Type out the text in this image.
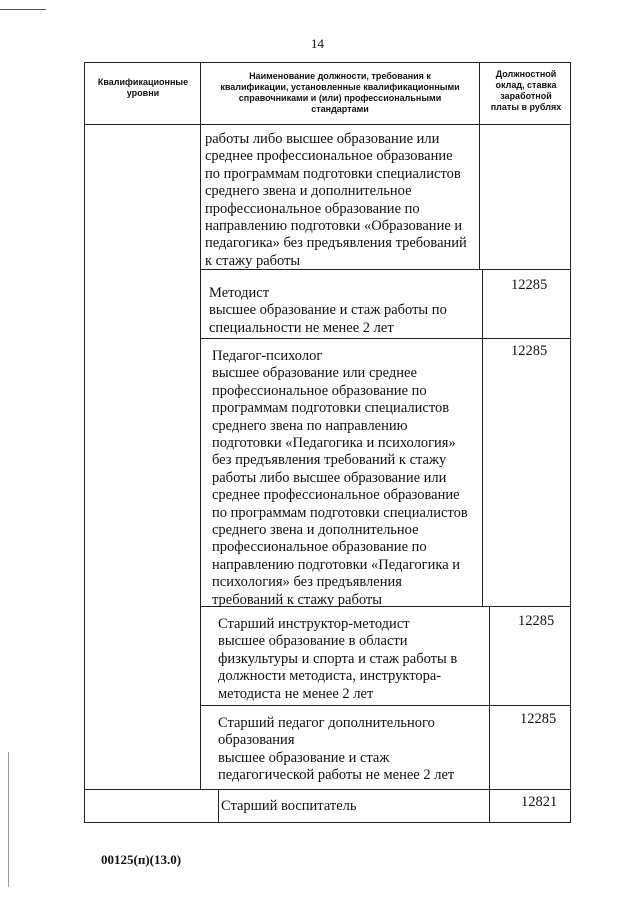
14
Квалификационные
уровни
Наименование должности, требования к
квалификации, установленные квалификационными
справочниками и (или) профессиональными
стандартами
Должностной
оклад, ставка
заработной
платы в рублях
работы либо высшее образование или
среднее профессиональное образование
по программам подготовки специалистов
среднего звена и дополнительное
профессиональное образование по
направлению подготовки «Образование и
педагогика» без предъявления требований
к стажу работы
Методист
высшее образование и стаж работы по
специальности не менее 2 лет
12285
Педагог-психолог
высшее образование или среднее
профессиональное образование по
программам подготовки специалистов
среднего звена по направлению
подготовки «Педагогика и психология»
без предъявления требований к стажу
работы либо высшее образование или
среднее профессиональное образование
по программам подготовки специалистов
среднего звена и дополнительное
профессиональное образование по
направлению подготовки «Педагогика и
психология» без предъявления
требований к стажу работы
12285
Старший инструктор-методист
высшее образование в области
физкультуры и спорта и стаж работы в
должности методиста, инструктора-
методиста не менее 2 лет
12285
Старший педагог дополнительного
образования
высшее образование и стаж
педагогической работы не менее 2 лет
12285
Старший воспитатель	12821
00125(п)(13.0)
